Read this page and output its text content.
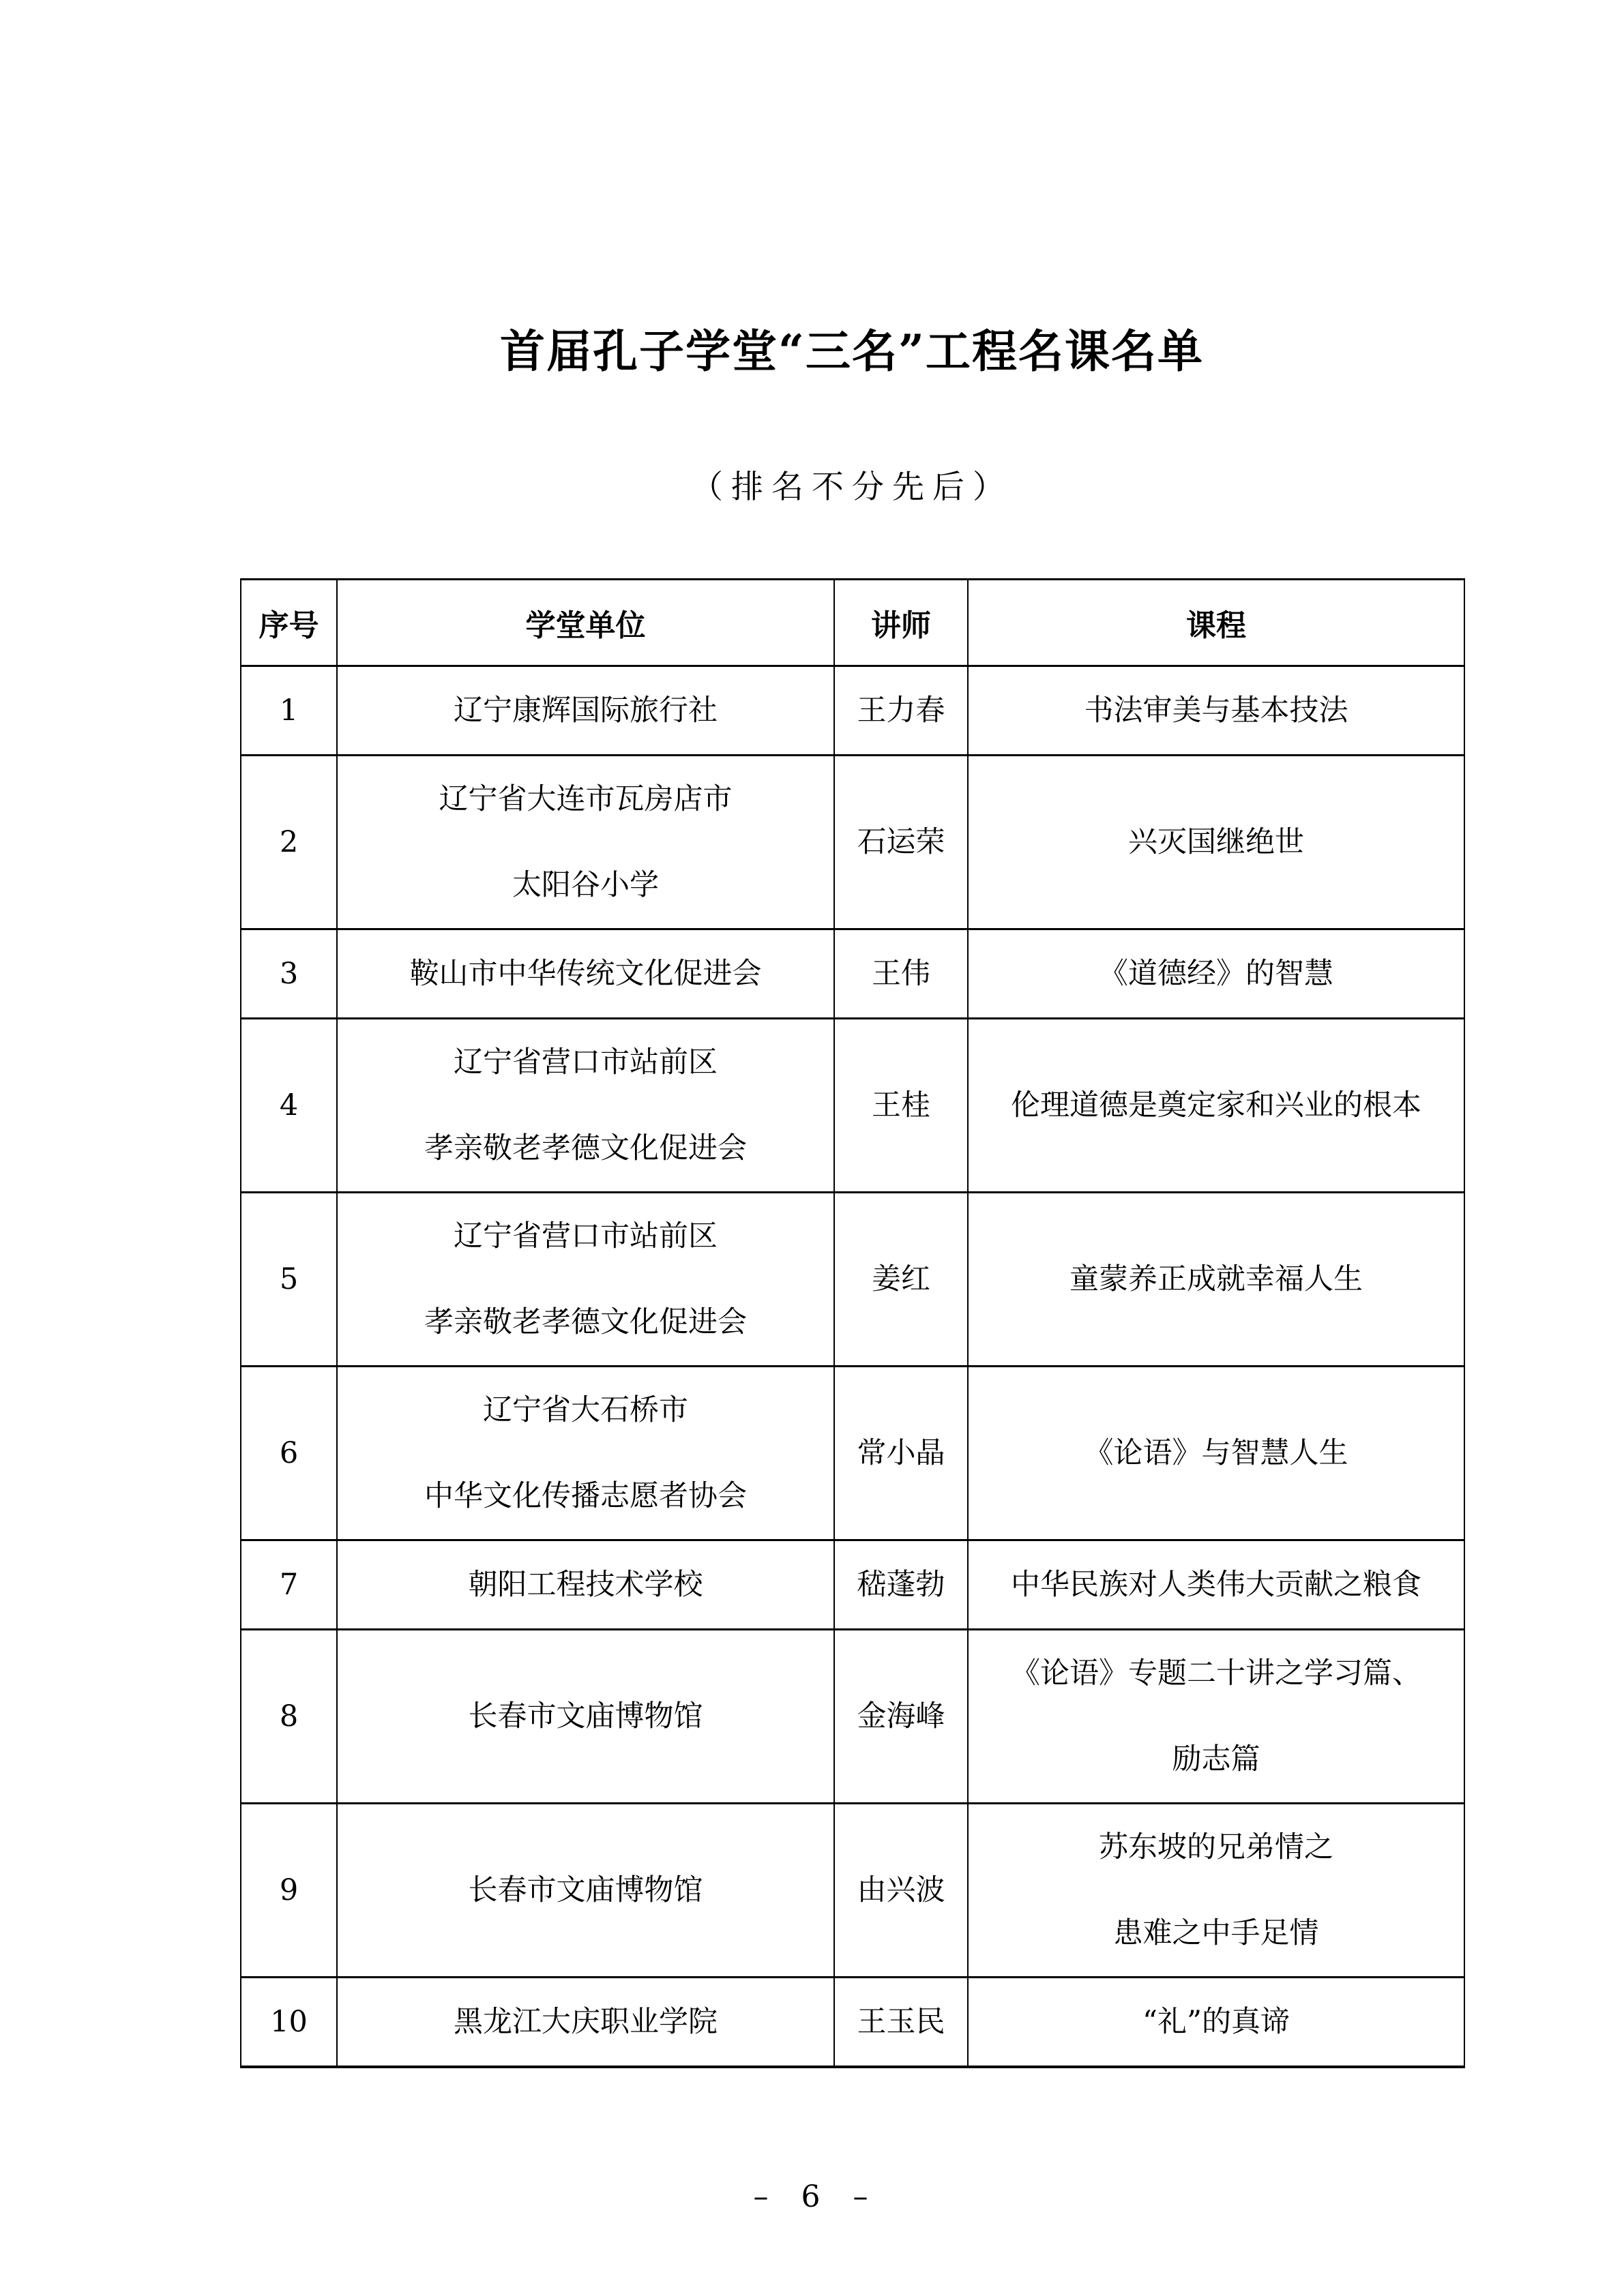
首届孔子学堂“三名”工程名课名单
（排名不分先后）
序号	学堂单位	讲师	课程

1	辽宁康辉国际旅行社	王力春	书法审美与基本技法

2	辽宁省大连市瓦房店市
太阳谷小学	石运荣	兴灭国继绝世

3	鞍山市中华传统文化促进会	王伟	《道德经》的智慧

4	辽宁省营口市站前区
孝亲敬老孝德文化促进会	王桂	伦理道德是奠定家和兴业的根本

5	辽宁省营口市站前区
孝亲敬老孝德文化促进会	姜红	童蒙养正成就幸福人生

6	辽宁省大石桥市
中华文化传播志愿者协会	常小晶	《论语》与智慧人生

7	朝阳工程技术学校	嵇蓬勃	中华民族对人类伟大贡献之粮食

8	长春市文庙博物馆	金海峰	《论语》专题二十讲之学习篇、
励志篇

9	长春市文庙博物馆	由兴波	苏东坡的兄弟情之
患难之中手足情

10	黑龙江大庆职业学院	王玉民	“礼”的真谛
– 6 –
